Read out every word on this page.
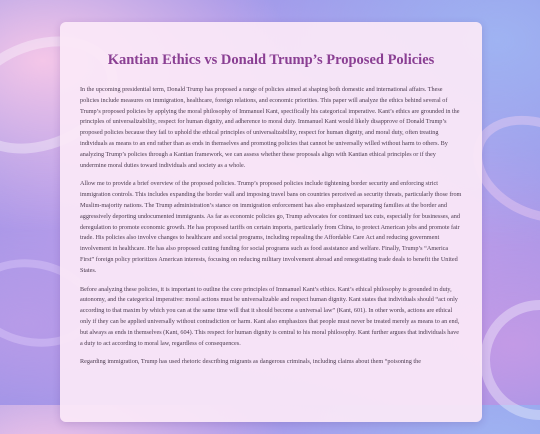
Kantian Ethics vs Donald Trump’s Proposed Policies

In the upcoming presidential term, Donald Trump has proposed a range of policies aimed at shaping both domestic and international affairs. These policies include measures on immigration, healthcare, foreign relations, and economic priorities. This paper will analyze the ethics behind several of Trump’s proposed policies by applying the moral philosophy of Immanuel Kant, specifically his categorical imperative. Kant’s ethics are grounded in the principles of universalizability, respect for human dignity, and adherence to moral duty. Immanuel Kant would likely disapprove of Donald Trump’s proposed policies because they fail to uphold the ethical principles of universalizability, respect for human dignity, and moral duty, often treating individuals as means to an end rather than as ends in themselves and promoting policies that cannot be universally willed without harm to others. By analyzing Trump’s policies through a Kantian framework, we can assess whether these proposals align with Kantian ethical principles or if they undermine moral duties toward individuals and society as a whole.

Allow me to provide a brief overview of the proposed policies. Trump’s proposed policies include tightening border security and enforcing strict immigration controls. This includes expanding the border wall and imposing travel bans on countries perceived as security threats, particularly those from Muslim-majority nations. The Trump administration’s stance on immigration enforcement has also emphasized separating families at the border and aggressively deporting undocumented immigrants. As far as economic policies go, Trump advocates for continued tax cuts, especially for businesses, and deregulation to promote economic growth. He has proposed tariffs on certain imports, particularly from China, to protect American jobs and promote fair trade. His policies also involve changes to healthcare and social programs, including repealing the Affordable Care Act and reducing government involvement in healthcare. He has also proposed cutting funding for social programs such as food assistance and welfare. Finally, Trump’s “America First” foreign policy prioritizes American interests, focusing on reducing military involvement abroad and renegotiating trade deals to benefit the United States.

Before analyzing these policies, it is important to outline the core principles of Immanuel Kant’s ethics. Kant’s ethical philosophy is grounded in duty, autonomy, and the categorical imperative: moral actions must be universalizable and respect human dignity. Kant states that individuals should “act only according to that maxim by which you can at the same time will that it should become a universal law” (Kant, 601). In other words, actions are ethical only if they can be applied universally without contradiction or harm. Kant also emphasizes that people must never be treated merely as means to an end, but always as ends in themselves (Kant, 604). This respect for human dignity is central to his moral philosophy. Kant further argues that individuals have a duty to act according to moral law, regardless of consequences.

Regarding immigration, Trump has used rhetoric describing migrants as dangerous criminals, including claims about them “poisoning the
